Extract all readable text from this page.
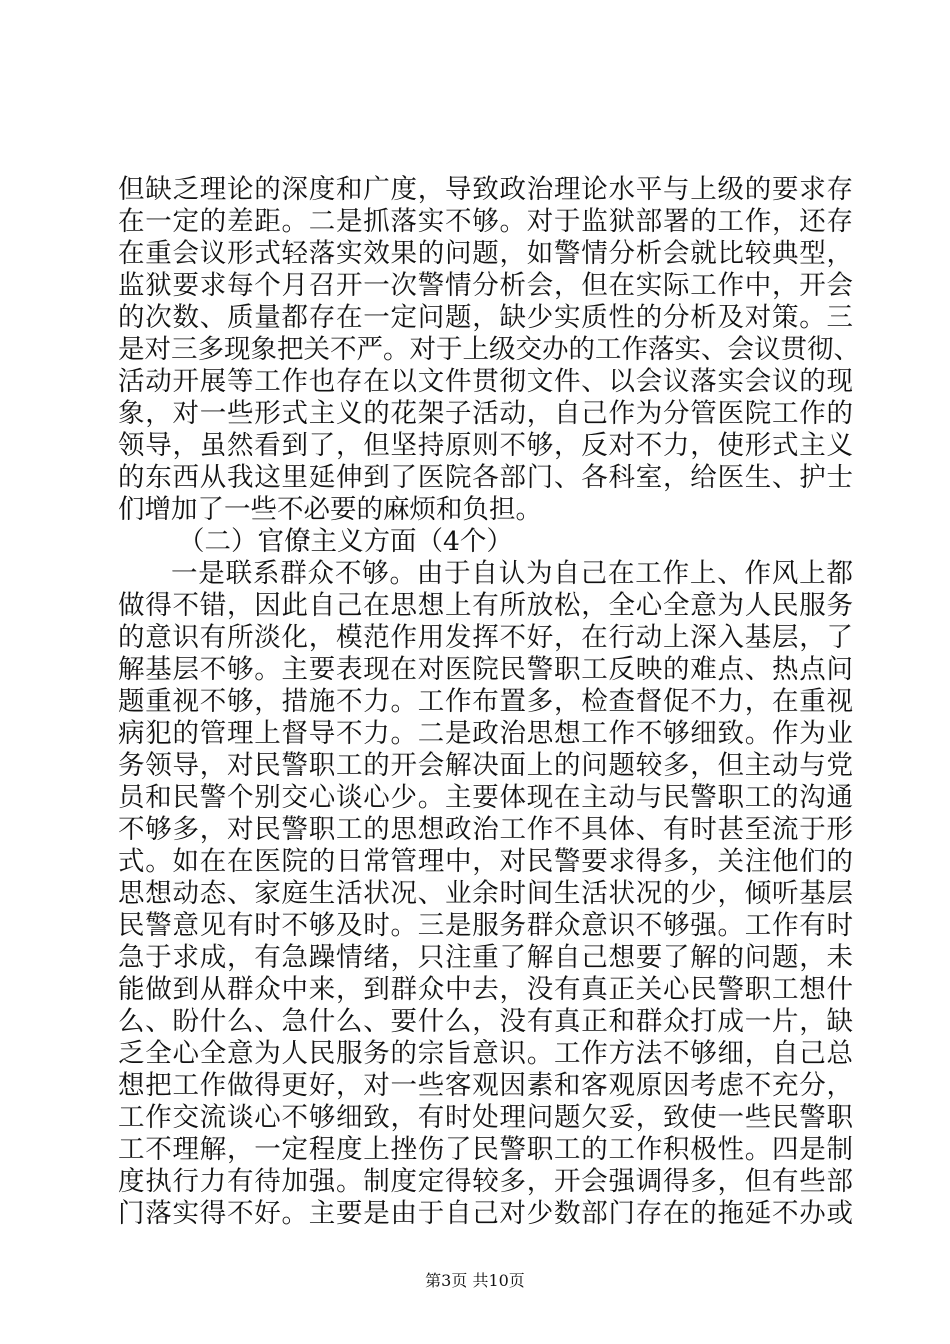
但缺乏理论的深度和广度，导致政治理论水平与上级的要求存
在一定的差距。二是抓落实不够。对于监狱部署的工作，还存
在重会议形式轻落实效果的问题，如警情分析会就比较典型，
监狱要求每个月召开一次警情分析会，但在实际工作中，开会
的次数、质量都存在一定问题，缺少实质性的分析及对策。三
是对三多现象把关不严。对于上级交办的工作落实、会议贯彻、
活动开展等工作也存在以文件贯彻文件、以会议落实会议的现
象，对一些形式主义的花架子活动，自己作为分管医院工作的
领导，虽然看到了，但坚持原则不够，反对不力，使形式主义
的东西从我这里延伸到了医院各部门、各科室，给医生、护士
们增加了一些不必要的麻烦和负担。
（二）官僚主义方面（4个）
一是联系群众不够。由于自认为自己在工作上、作风上都
做得不错，因此自己在思想上有所放松，全心全意为人民服务
的意识有所淡化，模范作用发挥不好，在行动上深入基层，了
解基层不够。主要表现在对医院民警职工反映的难点、热点问
题重视不够，措施不力。工作布置多，检查督促不力，在重视
病犯的管理上督导不力。二是政治思想工作不够细致。作为业
务领导，对民警职工的开会解决面上的问题较多，但主动与党
员和民警个别交心谈心少。主要体现在主动与民警职工的沟通
不够多，对民警职工的思想政治工作不具体、有时甚至流于形
式。如在在医院的日常管理中，对民警要求得多，关注他们的
思想动态、家庭生活状况、业余时间生活状况的少，倾听基层
民警意见有时不够及时。三是服务群众意识不够强。工作有时
急于求成，有急躁情绪，只注重了解自己想要了解的问题，未
能做到从群众中来，到群众中去，没有真正关心民警职工想什
么、盼什么、急什么、要什么，没有真正和群众打成一片，缺
乏全心全意为人民服务的宗旨意识。工作方法不够细，自己总
想把工作做得更好，对一些客观因素和客观原因考虑不充分，
工作交流谈心不够细致，有时处理问题欠妥，致使一些民警职
工不理解，一定程度上挫伤了民警职工的工作积极性。四是制
度执行力有待加强。制度定得较多，开会强调得多，但有些部
门落实得不好。主要是由于自己对少数部门存在的拖延不办或
第3页 共10页
